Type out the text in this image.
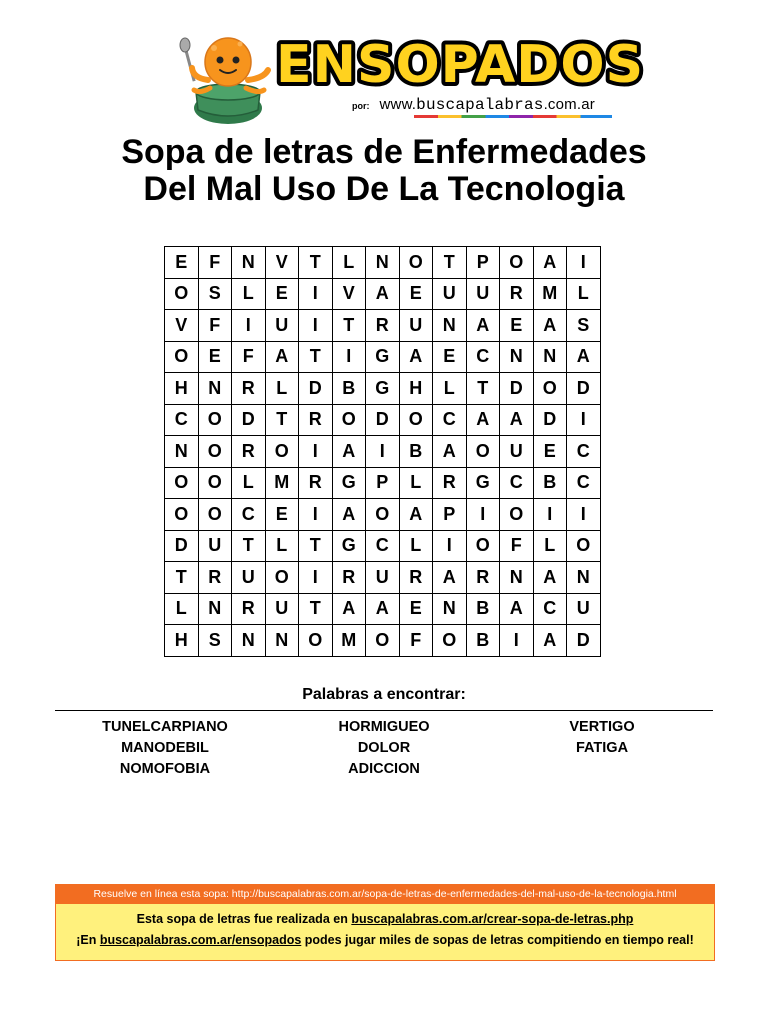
ENSOPADOS
por: www.buscapalabras.com.ar
Sopa de letras de Enfermedades
Del Mal Uso De La Tecnologia
E	F	N	V	T	L	N	O	T	P	O	A	I
O	S	L	E	I	V	A	E	U	U	R	M	L
V	F	I	U	I	T	R	U	N	A	E	A	S
O	E	F	A	T	I	G	A	E	C	N	N	A
H	N	R	L	D	B	G	H	L	T	D	O	D
C	O	D	T	R	O	D	O	C	A	A	D	I
N	O	R	O	I	A	I	B	A	O	U	E	C
O	O	L	M	R	G	P	L	R	G	C	B	C
O	O	C	E	I	A	O	A	P	I	O	I	I
D	U	T	L	T	G	C	L	I	O	F	L	O
T	R	U	O	I	R	U	R	A	R	N	A	N
L	N	R	U	T	A	A	E	N	B	A	C	U
H	S	N	N	O	M	O	F	O	B	I	A	D
Palabras a encontrar:
TUNELCARPIANO
MANODEBIL
NOMOFOBIA
HORMIGUEO
DOLOR
ADICCION
VERTIGO
FATIGA
Resuelve en línea esta sopa: http://buscapalabras.com.ar/sopa-de-letras-de-enfermedades-del-mal-uso-de-la-tecnologia.html
Esta sopa de letras fue realizada en buscapalabras.com.ar/crear-sopa-de-letras.php
¡En buscapalabras.com.ar/ensopados podes jugar miles de sopas de letras compitiendo en tiempo real!
